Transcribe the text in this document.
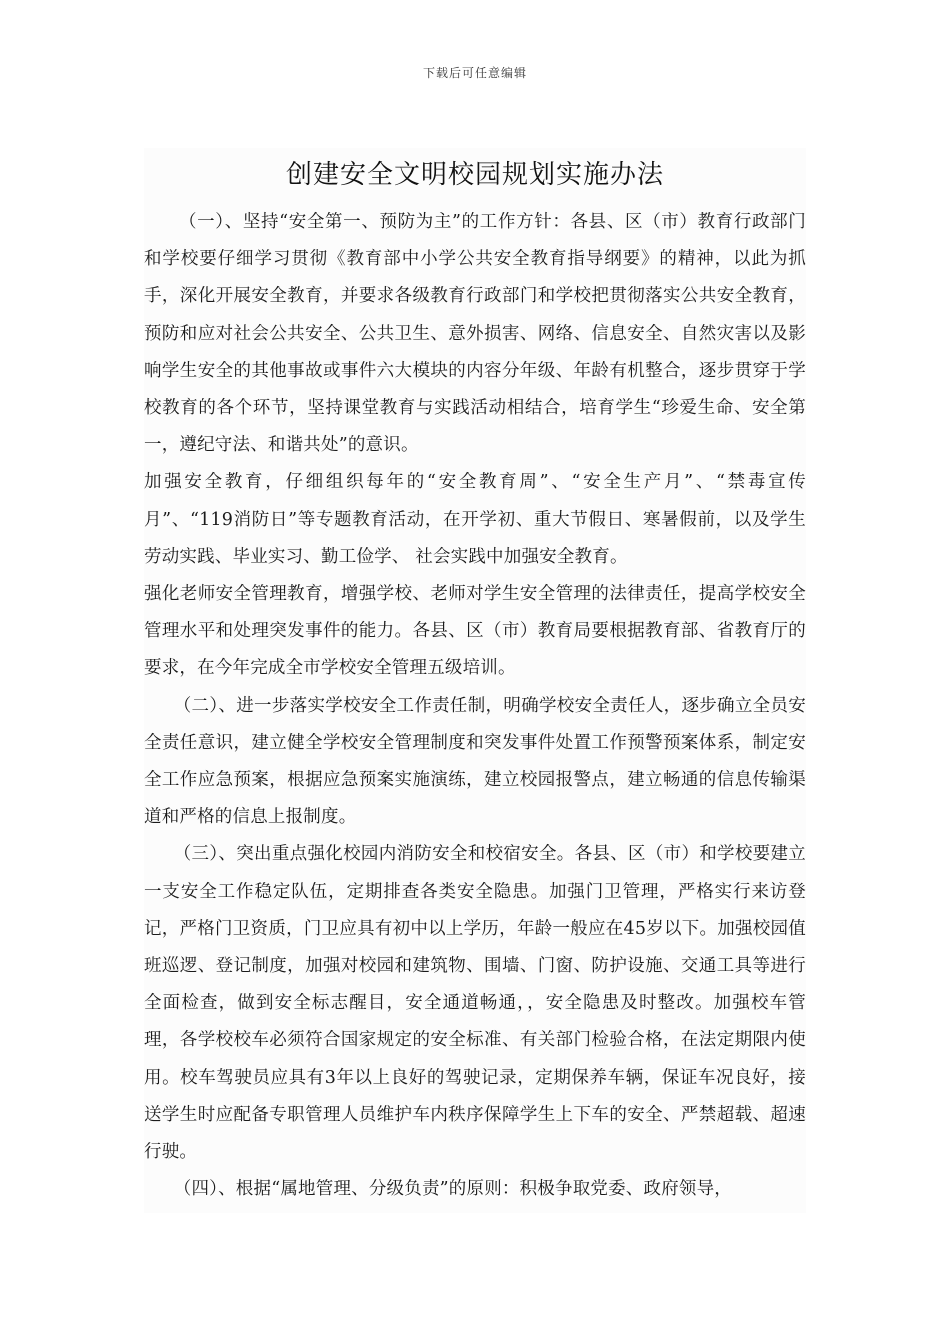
下载后可任意编辑
创建安全文明校园规划实施办法

（一）、坚持“安全第一、预防为主”的工作方针：各县、区（市）教育行政部门和学校要仔细学习贯彻《教育部中小学公共安全教育指导纲要》的精神，以此为抓手，深化开展安全教育，并要求各级教育行政部门和学校把贯彻落实公共安全教育，预防和应对社会公共安全、公共卫生、意外损害、网络、信息安全、自然灾害以及影响学生安全的其他事故或事件六大模块的内容分年级、年龄有机整合，逐步贯穿于学校教育的各个环节，坚持课堂教育与实践活动相结合，培育学生“珍爱生命、安全第一，遵纪守法、和谐共处”的意识。

加强安全教育，仔细组织每年的“安全教育周”、“安全生产月”、“禁毒宣传月”、“119消防日”等专题教育活动，在开学初、重大节假日、寒暑假前，以及学生劳动实践、毕业实习、勤工俭学、 社会实践中加强安全教育。

强化老师安全管理教育，增强学校、老师对学生安全管理的法律责任，提高学校安全管理水平和处理突发事件的能力。各县、区（市）教育局要根据教育部、省教育厅的要求，在今年完成全市学校安全管理五级培训。

（二）、进一步落实学校安全工作责任制，明确学校安全责任人，逐步确立全员安全责任意识，建立健全学校安全管理制度和突发事件处置工作预警预案体系，制定安全工作应急预案，根据应急预案实施演练，建立校园报警点，建立畅通的信息传输渠道和严格的信息上报制度。

（三）、突出重点强化校园内消防安全和校宿安全。各县、区（市）和学校要建立一支安全工作稳定队伍，定期排查各类安全隐患。加强门卫管理，严格实行来访登记，严格门卫资质，门卫应具有初中以上学历，年龄一般应在45岁以下。加强校园值班巡逻、登记制度，加强对校园和建筑物、围墙、门窗、防护设施、交通工具等进行全面检查，做到安全标志醒目，安全通道畅通，，安全隐患及时整改。加强校车管理，各学校校车必须符合国家规定的安全标准、有关部门检验合格，在法定期限内使用。校车驾驶员应具有3年以上良好的驾驶记录，定期保养车辆，保证车况良好，接送学生时应配备专职管理人员维护车内秩序保障学生上下车的安全、严禁超载、超速行驶。

（四）、根据“属地管理、分级负责”的原则：积极争取党委、政府领导，
